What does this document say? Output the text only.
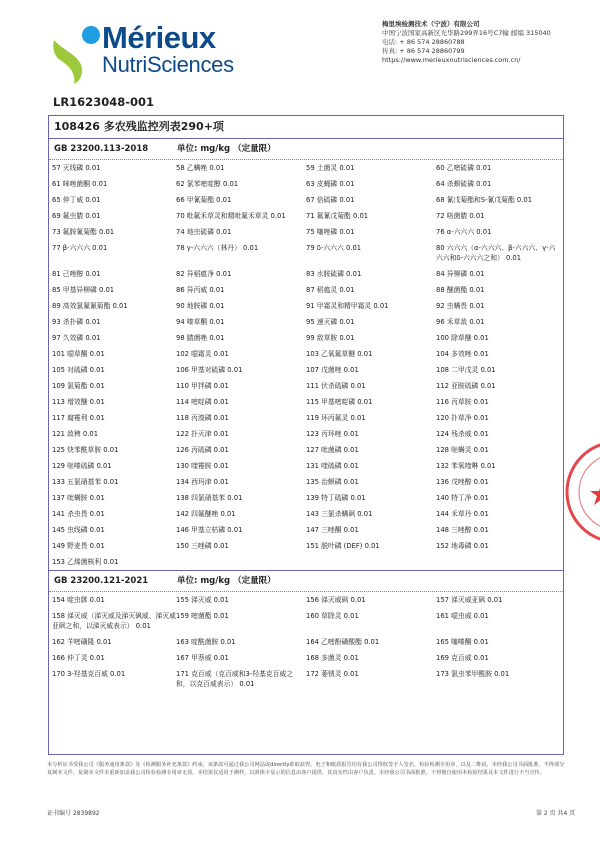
Mérieux
NutriSciences
梅里埃检测技术（宁波）有限公司
中国宁波国家高新区光华路299弄16号C7幢 邮编 315040
电话: + 86 574 28860788
传真: + 86 574 28860799
https://www.merieuxnutrisciences.com.cn/
LR1623048-001
108426 多农残监控列表290+项
GB 23200.113-2018	单位: mg/kg （定量限）
57 灭线磷 0.01	58 乙螨唑 0.01	59 土菌灵 0.01	60 乙嘧硫磷 0.01
61 咪唑菌酮 0.01	62 氯苯嘧啶醇 0.01	63 皮蝇磷 0.01	64 杀螟硫磷 0.01
65 仲丁威 0.01	66 甲氰菊酯 0.01	67 倍硫磷 0.01	68 氰戊菊酯和S-氰戊菊酯 0.01
69 氟虫腈 0.01	70 吡氟禾草灵和精吡氟禾草灵 0.01	71 氟氰戊菊酯 0.01	72 咯菌腈 0.01
73 氟胺氰菊酯 0.01	74 地虫硫磷 0.01	75 噻唑磷 0.01	76 α-六六六 0.01
77 β-六六六 0.01	78 γ-六六六（林丹） 0.01	79 δ-六六六 0.01	80 六六六（α-六六六、β-六六六、γ-六六六和δ-六六六之和） 0.01
81 己唑醇 0.01	82 异稻瘟净 0.01	83 水胺硫磷 0.01	84 异柳磷 0.01
85 甲基异柳磷 0.01	86 异丙威 0.01	87 稻瘟灵 0.01	88 醚菌酯 0.01
89 高效氯氟氰菊酯 0.01	90 地胺磷 0.01	91 甲霜灵和精甲霜灵 0.01	92 虫螨畏 0.01
93 杀扑磷 0.01	94 嗪草酮 0.01	95 速灭磷 0.01	96 禾草敌 0.01
97 久效磷 0.01	98 腈菌唑 0.01	99 敌草胺 0.01	100 除草醚 0.01
101 噁草酮 0.01	102 噁霜灵 0.01	103 乙氧氟草醚 0.01	104 多效唑 0.01
105 对硫磷 0.01	106 甲基对硫磷 0.01	107 戊菌唑 0.01	108 二甲戊灵 0.01
109 氯菊酯 0.01	110 甲拌磷 0.01	111 伏杀硫磷 0.01	112 亚胺硫磷 0.01
113 增效醚 0.01	114 嘧啶磷 0.01	115 甲基嘧啶磷 0.01	116 丙草胺 0.01
117 腐霉利 0.01	118 丙溴磷 0.01	119 环丙氟灵 0.01	120 扑草净 0.01
121 敌稗 0.01	122 扑灭津 0.01	123 丙环唑 0.01	124 残杀威 0.01
125 炔苯酰草胺 0.01	126 丙硫磷 0.01	127 吡菌磷 0.01	128 哒螨灵 0.01
129 哒嗪硫磷 0.01	130 喹霉胺 0.01	131 喹硫磷 0.01	132 苯氧喹啉 0.01
133 五氯硝基苯 0.01	134 西玛津 0.01	135 治螟磷 0.01	136 戊唑醇 0.01
137 吡螨胺 0.01	138 四氯硝基苯 0.01	139 特丁硫磷 0.01	140 特丁净 0.01
141 杀虫畏 0.01	142 四氟醚唑 0.01	143 三氯杀螨砜 0.01	144 禾草丹 0.01
145 虫线磷 0.01	146 甲基立枯磷 0.01	147 三唑酮 0.01	148 三唑醇 0.01
149 野麦畏 0.01	150 三唑磷 0.01	151 脱叶磷 (DEF) 0.01	152 地毒磷 0.01
153 乙烯菌核利 0.01
GB 23200.121-2021	单位: mg/kg （定量限）
154 啶虫脒 0.01	155 涕灭威 0.01	156 涕灭威砜 0.01	157 涕灭威亚砜 0.01
158 涕灭威（涕灭威及涕灭砜威、涕灭威亚砜之和，以涕灭威表示） 0.01
159 嘧菌酯 0.01	160 草除灵 0.01	161 噁虫威 0.01
162 苄嘧磺隆 0.01	163 啶酰菌胺 0.01	164 乙嘧酚磺酸酯 0.01	165 噻嗪酮 0.01
166 仲丁灵 0.01	167 甲萘威 0.01	168 多菌灵 0.01	169 克百威 0.01
170 3-羟基克百威 0.01	171 克百威（克百威和3-羟基克百威之和，以克百威表示） 0.01
172 萎锈灵 0.01	173 氯虫苯甲酰胺 0.01
本分析证书受我公司《服务通用条款》及《检测服务补充条款》约束，该条款可通过我公司网站或directly索取获得。电子和纸质报告均有我公司授权签字人签名、检验检测专用章，以及二维码，未经我公司书面批准，不得部分复制本文件。复制本文件未重新加盖我公司检验检测专用章无效。本结果仅适用于测样，以斜体字显示的信息由客户提供，其真实性由客户负责。未经我公司书面批准，不得擅自使用本检验结果及本文件进行不当宣传。
证书编号 2839892	第 2 页 共4 页
